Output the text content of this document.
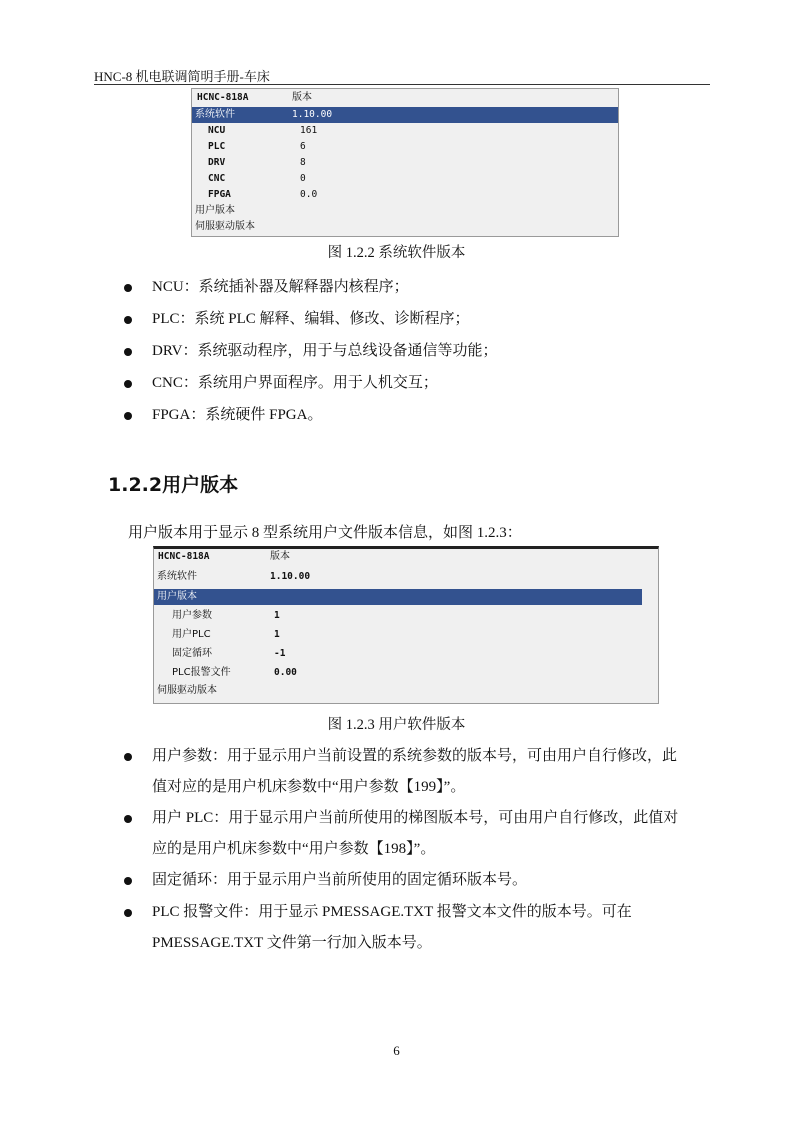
HNC-8 机电联调简明手册-车床
HCNC-818A	版本
系统软件	1.10.00
NCU	161
PLC	6
DRV	8
CNC	0
FPGA	0.0
用户版本
伺服驱动版本
图 1.2.2 系统软件版本
NCU：系统插补器及解释器内核程序；
PLC：系统 PLC 解释、编辑、修改、诊断程序；
DRV：系统驱动程序，用于与总线设备通信等功能；
CNC：系统用户界面程序。用于人机交互；
FPGA：系统硬件 FPGA。
1.2.2用户版本
用户版本用于显示 8 型系统用户文件版本信息，如图 1.2.3：
HCNC-818A	版本
系统软件	1.10.00
用户版本
用户参数	1
用户PLC	1
固定循环	-1
PLC报警文件	0.00
伺服驱动版本
图 1.2.3 用户软件版本
用户参数：用于显示用户当前设置的系统参数的版本号，可由用户自行修改，此
值对应的是用户机床参数中“用户参数【199】”。
用户 PLC：用于显示用户当前所使用的梯图版本号，可由用户自行修改，此值对
应的是用户机床参数中“用户参数【198】”。
固定循环：用于显示用户当前所使用的固定循环版本号。
PLC 报警文件：用于显示 PMESSAGE.TXT 报警文本文件的版本号。可在
PMESSAGE.TXT 文件第一行加入版本号。
6
